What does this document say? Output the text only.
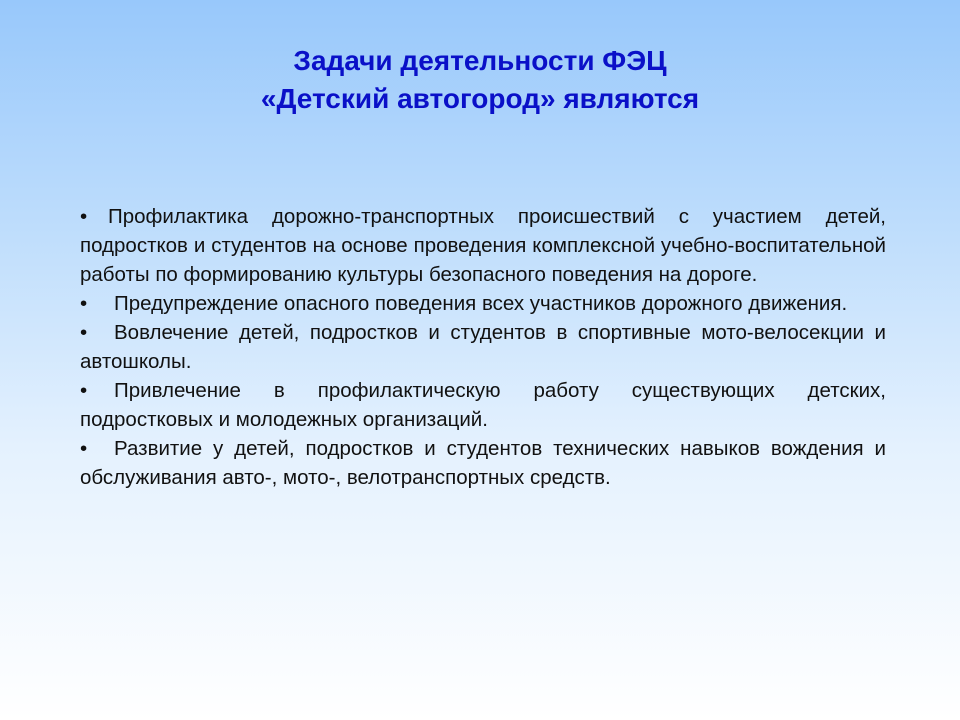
Задачи деятельности ФЭЦ
«Детский автогород» являются
• Профилактика дорожно-транспортных происшествий с участием детей, подростков и студентов на основе проведения комплексной учебно-воспитательной работы по формированию культуры безопасного поведения на дороге.
• Предупреждение опасного поведения всех участников дорожного движения.
• Вовлечение детей, подростков и студентов в спортивные мото-велосекции и автошколы.
• Привлечение в профилактическую работу существующих детских, подростковых и молодежных организаций.
• Развитие у детей, подростков и студентов технических навыков вождения и обслуживания авто-, мото-, велотранспортных средств.
